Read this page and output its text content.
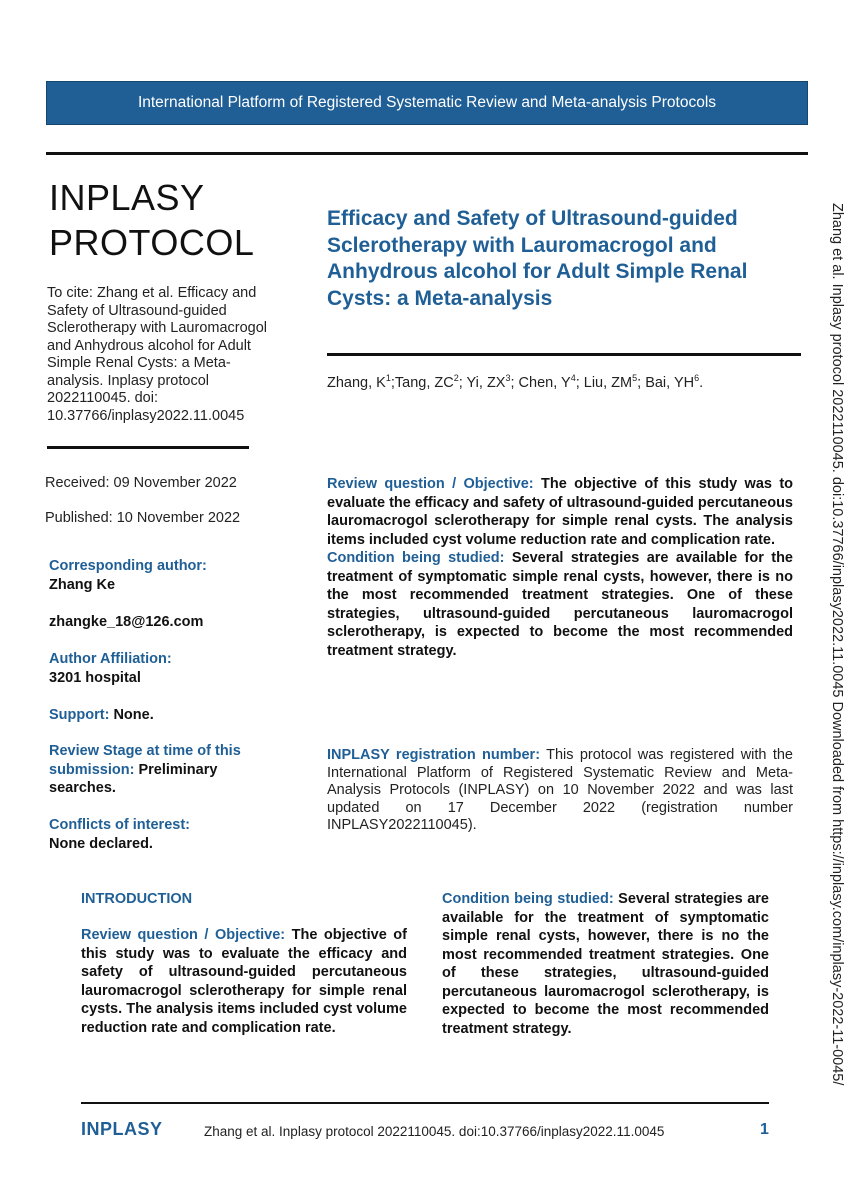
International Platform of Registered Systematic Review and Meta-analysis Protocols
INPLASY
PROTOCOL
To cite: Zhang et al. Efficacy and Safety of Ultrasound-guided Sclerotherapy with Lauromacrogol and Anhydrous alcohol for Adult Simple Renal Cysts: a Meta-analysis. Inplasy protocol 2022110045. doi: 10.37766/inplasy2022.11.0045
Received: 09 November 2022
Published: 10 November 2022
Corresponding author:
Zhang Ke
zhangke_18@126.com
Author Affiliation:
3201 hospital
Support: None.
Review Stage at time of this submission: Preliminary searches.
Conflicts of interest:
None declared.
Efficacy and Safety of Ultrasound-guided Sclerotherapy with Lauromacrogol and Anhydrous alcohol for Adult Simple Renal Cysts: a Meta-analysis
Zhang, $K^1;Tang$, $ZC^2$; Yi, $ZX^3$; Chen, $Y^4$; Liu, $ZM^5$; Bai, $YH^6$.

Review question / Objective: The objective of this study was to evaluate the efficacy and safety of ultrasound-guided percutaneous lauromacrogol sclerotherapy for simple renal cysts. The analysis items included cyst volume reduction rate and complication rate.

Condition being studied: Several strategies are available for the treatment of symptomatic simple renal cysts, however, there is no the most recommended treatment strategies. One of these strategies, ultrasound-guided percutaneous lauromacrogol sclerotherapy, is expected to become the most recommended treatment strategy.

INPLASY registration number: This protocol was registered with the International Platform of Registered Systematic Review and Meta-Analysis Protocols (INPLASY) on 10 November 2022 and was last updated on 17 December 2022 (registration number INPLASY2022110045).
INTRODUCTION
Review question / Objective: The objective of this study was to evaluate the efficacy and safety of ultrasound-guided percutaneous lauromacrogol sclerotherapy for simple renal cysts. The analysis items included cyst volume reduction rate and complication rate.
Condition being studied: Several strategies are available for the treatment of symptomatic simple renal cysts, however, there is no the most recommended treatment strategies. One of these strategies, ultrasound-guided percutaneous lauromacrogol sclerotherapy, is expected to become the most recommended treatment strategy.	Zhang et al. Inplasy protocol 2022110045. doi:10.37766/inplasy2022.11.0045 Downloaded from https://inplasy.com/inplasy-2022-11-0045/
INPLASY	Zhang et al. Inplasy protocol 2022110045. doi:10.37766/inplasy2022.11.0045	1
